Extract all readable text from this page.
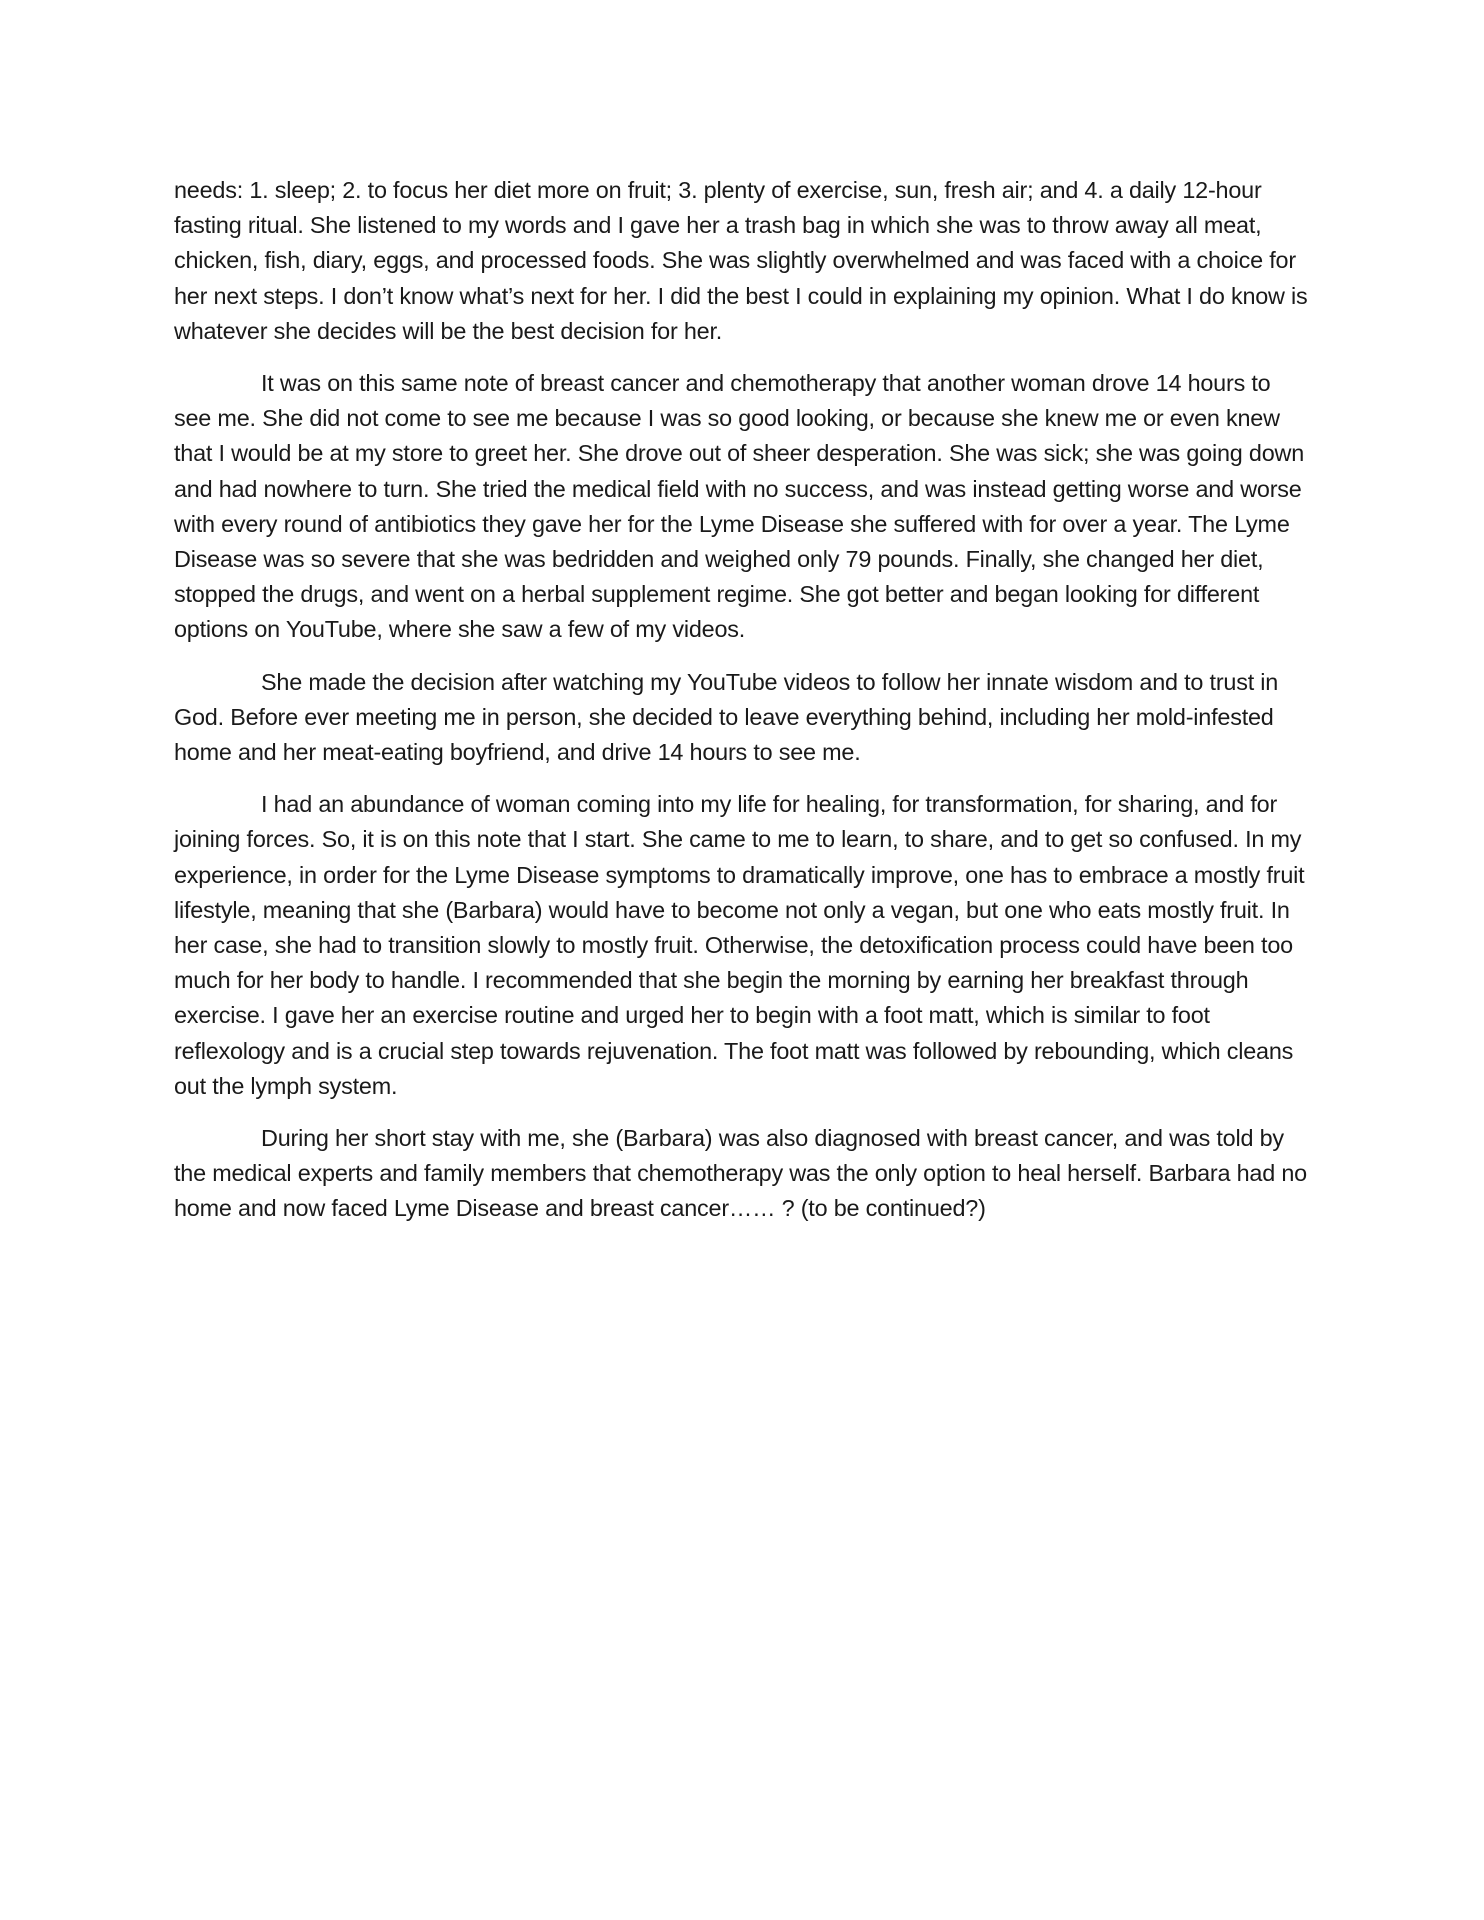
needs: 1. sleep; 2. to focus her diet more on fruit; 3. plenty of exercise, sun, fresh air; and 4. a daily 12-hour fasting ritual. She listened to my words and I gave her a trash bag in which she was to throw away all meat, chicken, fish, diary, eggs, and processed foods. She was slightly overwhelmed and was faced with a choice for her next steps. I don’t know what’s next for her. I did the best I could in explaining my opinion. What I do know is whatever she decides will be the best decision for her.

It was on this same note of breast cancer and chemotherapy that another woman drove 14 hours to see me. She did not come to see me because I was so good looking, or because she knew me or even knew that I would be at my store to greet her. She drove out of sheer desperation. She was sick; she was going down and had nowhere to turn. She tried the medical field with no success, and was instead getting worse and worse with every round of antibiotics they gave her for the Lyme Disease she suffered with for over a year. The Lyme Disease was so severe that she was bedridden and weighed only 79 pounds. Finally, she changed her diet, stopped the drugs, and went on a herbal supplement regime. She got better and began looking for different options on YouTube, where she saw a few of my videos.

She made the decision after watching my YouTube videos to follow her innate wisdom and to trust in God. Before ever meeting me in person, she decided to leave everything behind, including her mold-infested home and her meat-eating boyfriend, and drive 14 hours to see me.

I had an abundance of woman coming into my life for healing, for transformation, for sharing, and for joining forces. So, it is on this note that I start. She came to me to learn, to share, and to get so confused. In my experience, in order for the Lyme Disease symptoms to dramatically improve, one has to embrace a mostly fruit lifestyle, meaning that she (Barbara) would have to become not only a vegan, but one who eats mostly fruit. In her case, she had to transition slowly to mostly fruit. Otherwise, the detoxification process could have been too much for her body to handle. I recommended that she begin the morning by earning her breakfast through exercise. I gave her an exercise routine and urged her to begin with a foot matt, which is similar to foot reflexology and is a crucial step towards rejuvenation. The foot matt was followed by rebounding, which cleans out the lymph system.

During her short stay with me, she (Barbara) was also diagnosed with breast cancer, and was told by the medical experts and family members that chemotherapy was the only option to heal herself. Barbara had no home and now faced Lyme Disease and breast cancer…… ? (to be continued?)
